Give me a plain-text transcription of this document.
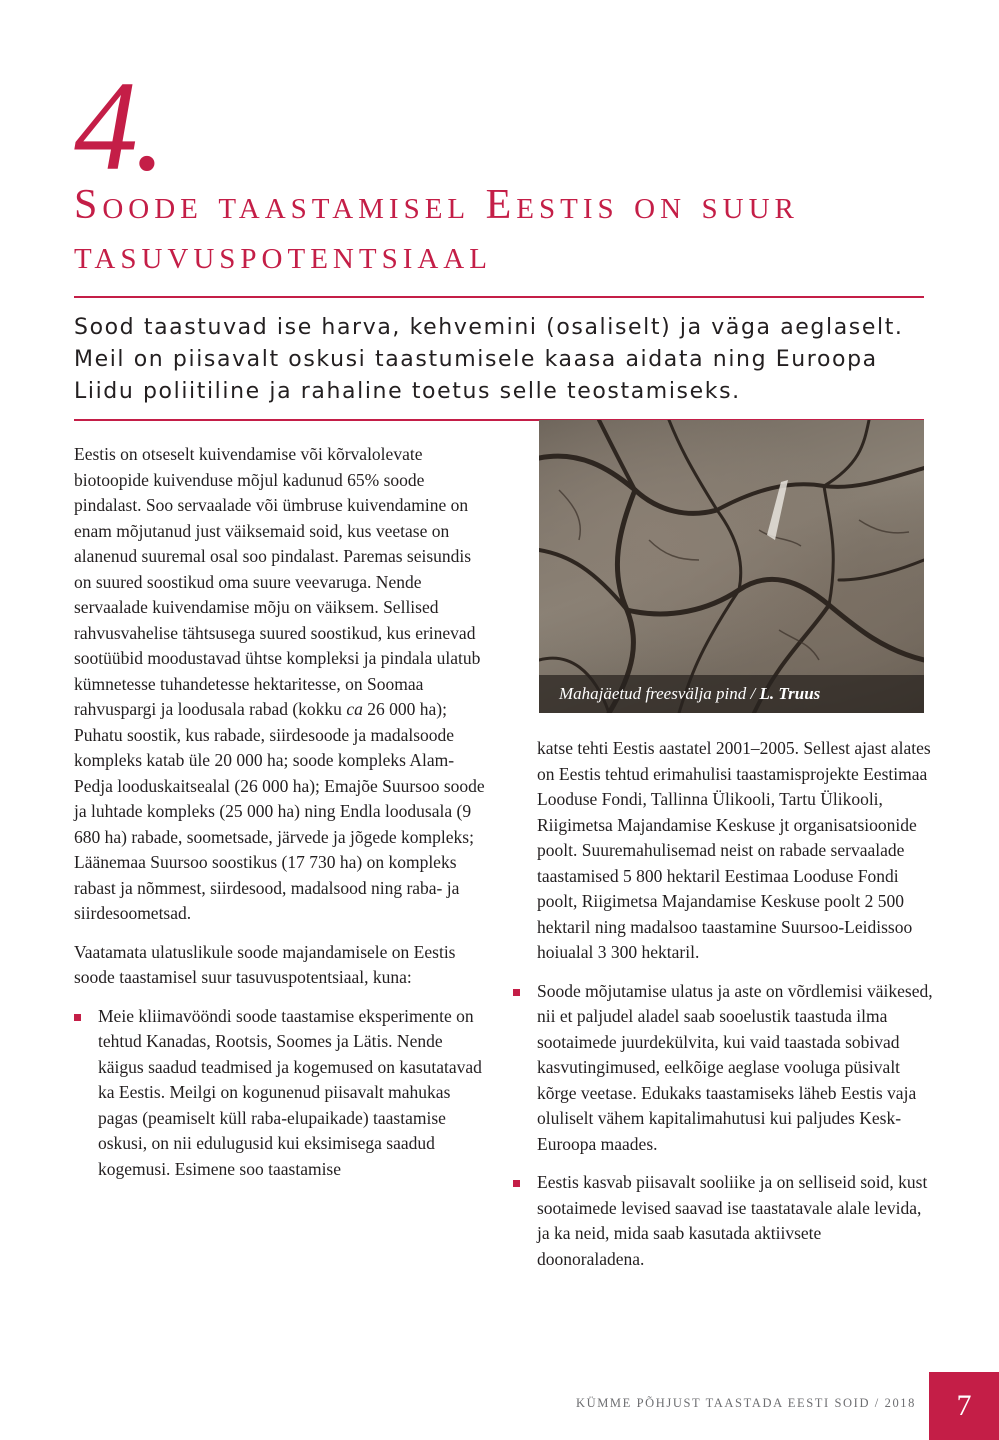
4.
Soode taastamisel Eestis on suur tasuvuspotentsiaal

Sood taastuvad ise harva, kehvemini (osaliselt) ja väga aeglaselt. Meil on piisavalt oskusi taastumisele kaasa aidata ning Euroopa Liidu poliitiline ja rahaline toetus selle teostamiseks.

Eestis on otseselt kuivendamise või kõrvalolevate biotoopide kuivenduse mõjul kadunud 65% soode pindalast. Soo servaalade või ümbruse kuivendamine on enam mõjutanud just väiksemaid soid, kus veetase on alanenud suuremal osal soo pindalast. Paremas seisundis on suured soostikud oma suure veevaruga. Nende servaalade kuivendamise mõju on väiksem. Sellised rahvusvahelise tähtsusega suured soostikud, kus erinevad sootüübid moodustavad ühtse kompleksi ja pindala ulatub kümnetesse tuhandetesse hektaritesse, on Soomaa rahvuspargi ja loodusala rabad (kokku ca 26 000 ha); Puhatu soostik, kus rabade, siirdesoode ja madalsoode kompleks katab üle 20 000 ha; soode kompleks Alam-Pedja looduskaitsealal (26 000 ha); Emajõe Suursoo soode ja luhtade kompleks (25 000 ha) ning Endla loodusala (9 680 ha) rabade, soometsade, järvede ja jõgede kompleks; Läänemaa Suursoo soostikus (17 730 ha) on kompleks rabast ja nõmmest, siirdesood, madalsood ning raba- ja siirdesoometsad.

Vaatamata ulatuslikule soode majandamisele on Eestis soode taastamisel suur tasuvuspotentsiaal, kuna:

Meie kliimavööndi soode taastamise eksperimente on tehtud Kanadas, Rootsis, Soomes ja Lätis. Nende käigus saadud teadmised ja kogemused on kasutatavad ka Eestis. Meilgi on kogunenud piisavalt mahukas pagas (peamiselt küll raba-elupaikade) taastamise oskusi, on nii edulugusid kui eksimisega saadud kogemusi. Esimene soo taastamise
Mahajäetud freesvälja pind / L. Truus

katse tehti Eestis aastatel 2001–2005. Sellest ajast alates on Eestis tehtud erimahulisi taastamisprojekte Eestimaa Looduse Fondi, Tallinna Ülikooli, Tartu Ülikooli, Riigimetsa Majandamise Keskuse jt organisatsioonide poolt. Suuremahulisemad neist on rabade servaalade taastamised 5 800 hektaril Eestimaa Looduse Fondi poolt, Riigimetsa Majandamise Keskuse poolt 2 500 hektaril ning madalsoo taastamine Suursoo-Leidissoo hoiualal 3 300 hektaril.

Soode mõjutamise ulatus ja aste on võrdlemisi väikesed, nii et paljudel aladel saab sooelustik taastuda ilma sootaimede juurdekülvita, kui vaid taastada sobivad kasvutingimused, eelkõige aeglase vooluga püsivalt kõrge veetase. Edukaks taastamiseks läheb Eestis vaja oluliselt vähem kapitalimahutusi kui paljudes Kesk-Euroopa maades.
Eestis kasvab piisavalt sooliike ja on selliseid soid, kust sootaimede levised saavad ise taastatavale alale levida, ja ka neid, mida saab kasutada aktiivsete doonoraladena.
KÜMME PÕHJUST TAASTADA EESTI SOID / 2018	7
